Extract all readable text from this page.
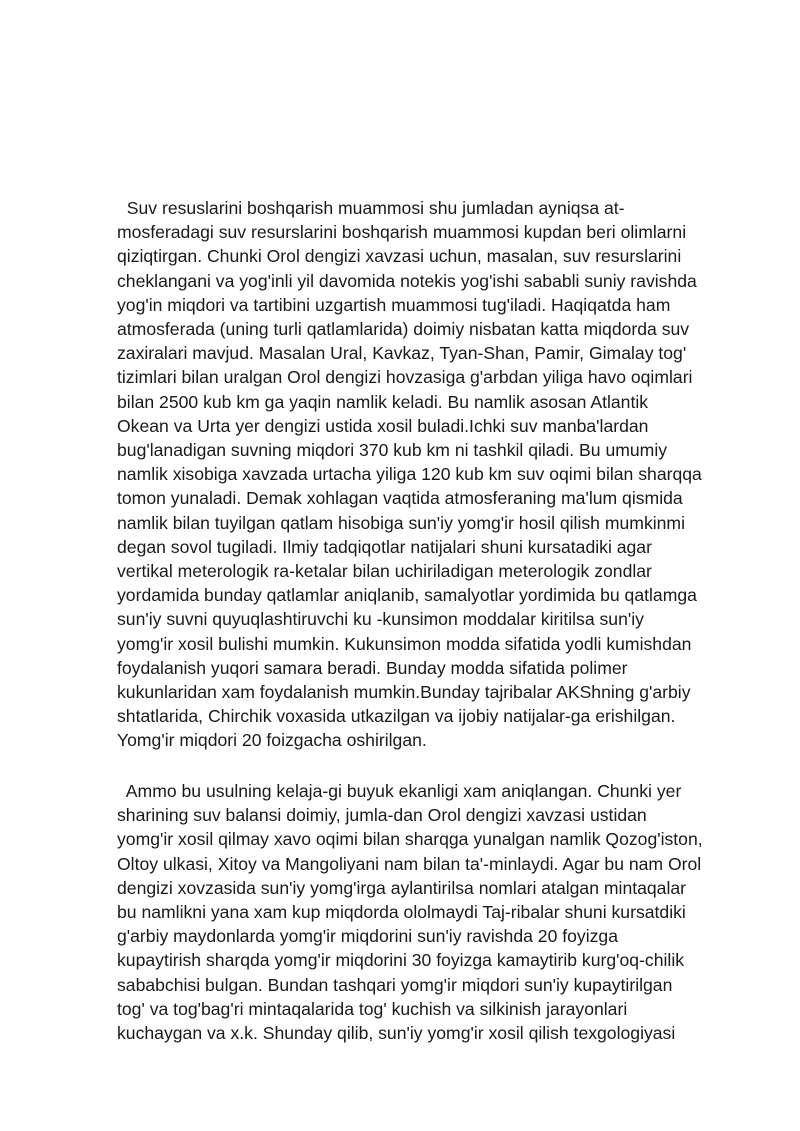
Suv resuslarini boshqarish muammosi shu jumladan ayniqsa at-
mosferadagi suv resurslarini boshqarish muammosi kupdan beri olimlarni
qiziqtirgan. Chunki Orol dengizi xavzasi uchun, masalan, suv resurslarini
cheklangani va yog'inli yil davomida notekis yog'ishi sababli suniy ravishda
yog'in miqdori va tartibini uzgartish muammosi tug'iladi. Haqiqatda ham
atmosferada (uning turli qatlamlarida) doimiy nisbatan katta miqdorda suv
zaxiralari mavjud. Masalan Ural, Kavkaz, Tyan-Shan, Pamir, Gimalay tog'
tizimlari bilan uralgan Orol dengizi hovzasiga g'arbdan yiliga havo oqimlari
bilan 2500 kub km ga yaqin namlik keladi. Bu namlik asosan Atlantik
Okean va Urta yer dengizi ustida xosil buladi.Ichki suv manba'lardan
bug'lanadigan suvning miqdori 370 kub km ni tashkil qiladi. Bu umumiy
namlik xisobiga xavzada urtacha yiliga 120 kub km suv oqimi bilan sharqqa
tomon yunaladi. Demak xohlagan vaqtida atmosferaning ma'lum qismida
namlik bilan tuyilgan qatlam hisobiga sun'iy yomg'ir hosil qilish mumkinmi
degan sovol tugiladi. Ilmiy tadqiqotlar natijalari shuni kursatadiki agar
vertikal meterologik ra-ketalar bilan uchiriladigan meterologik zondlar
yordamida bunday qatlamlar aniqlanib, samalyotlar yordimida bu qatlamga
sun'iy suvni quyuqlashtiruvchi ku -kunsimon moddalar kiritilsa sun'iy
yomg'ir xosil bulishi mumkin. Kukunsimon modda sifatida yodli kumishdan
foydalanish yuqori samara beradi. Bunday modda sifatida polimer
kukunlaridan xam foydalanish mumkin.Bunday tajribalar AKShning g'arbiy
shtatlarida, Chirchik voxasida utkazilgan va ijobiy natijalar-ga erishilgan.
Yomg'ir miqdori 20 foizgacha oshirilgan.
Ammo bu usulning kelaja-gi buyuk ekanligi xam aniqlangan. Chunki yer
sharining suv balansi doimiy, jumla-dan Orol dengizi xavzasi ustidan
yomg'ir xosil qilmay xavo oqimi bilan sharqga yunalgan namlik Qozog'iston,
Oltoy ulkasi, Xitoy va Mangoliyani nam bilan ta'-minlaydi. Agar bu nam Orol
dengizi xovzasida sun'iy yomg'irga aylantirilsa nomlari atalgan mintaqalar
bu namlikni yana xam kup miqdorda ololmaydi Taj-ribalar shuni kursatdiki
g'arbiy maydonlarda yomg'ir miqdorini sun'iy ravishda 20 foyizga
kupaytirish sharqda yomg'ir miqdorini 30 foyizga kamaytirib kurg'oq-chilik
sababchisi bulgan. Bundan tashqari yomg'ir miqdori sun'iy kupaytirilgan
tog' va tog'bag'ri mintaqalarida tog' kuchish va silkinish jarayonlari
kuchaygan va x.k. Shunday qilib, sun'iy yomg'ir xosil qilish texgologiyasi
